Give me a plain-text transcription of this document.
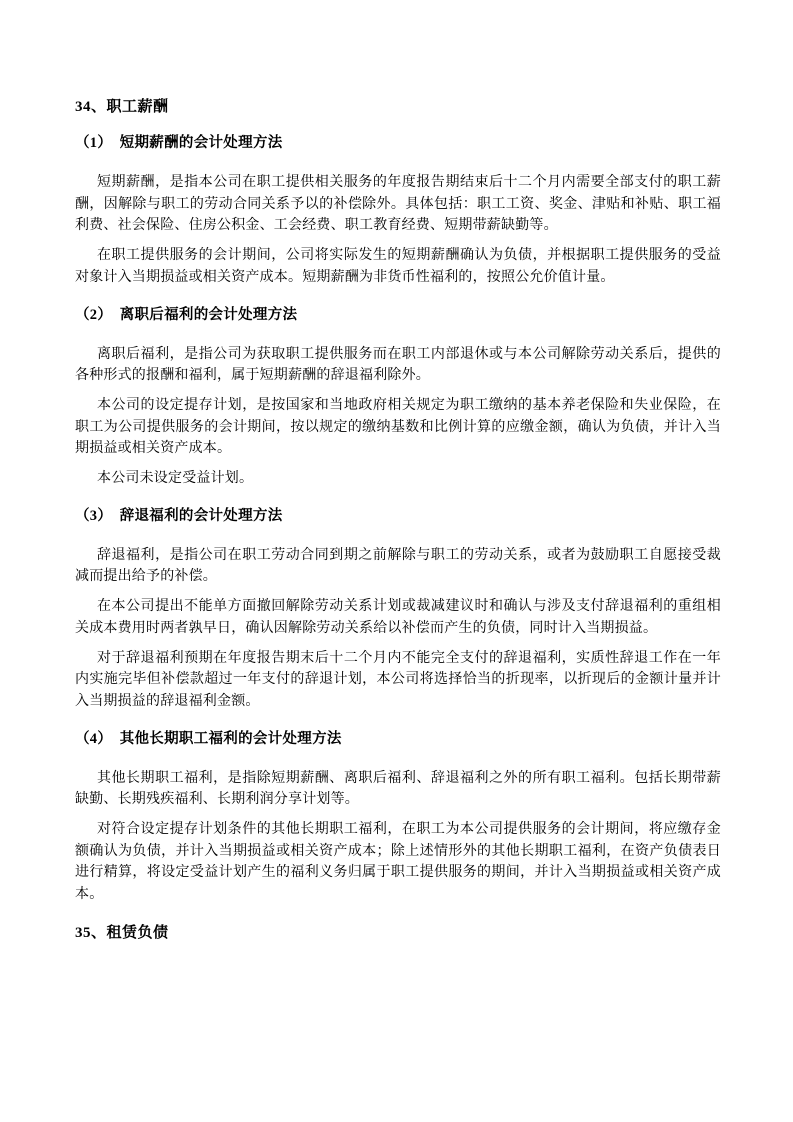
34、职工薪酬
（1）　短期薪酬的会计处理方法

短期薪酬，是指本公司在职工提供相关服务的年度报告期结束后十二个月内需要全部支付的职工薪酬，因解除与职工的劳动合同关系予以的补偿除外。具体包括：职工工资、奖金、津贴和补贴、职工福利费、社会保险、住房公积金、工会经费、职工教育经费、短期带薪缺勤等。

在职工提供服务的会计期间，公司将实际发生的短期薪酬确认为负债，并根据职工提供服务的受益对象计入当期损益或相关资产成本。短期薪酬为非货币性福利的，按照公允价值计量。

（2）　离职后福利的会计处理方法

离职后福利，是指公司为获取职工提供服务而在职工内部退休或与本公司解除劳动关系后，提供的各种形式的报酬和福利，属于短期薪酬的辞退福利除外。

本公司的设定提存计划，是按国家和当地政府相关规定为职工缴纳的基本养老保险和失业保险，在职工为公司提供服务的会计期间，按以规定的缴纳基数和比例计算的应缴金额，确认为负债，并计入当期损益或相关资产成本。

本公司未设定受益计划。

（3）　辞退福利的会计处理方法

辞退福利，是指公司在职工劳动合同到期之前解除与职工的劳动关系，或者为鼓励职工自愿接受裁减而提出给予的补偿。

在本公司提出不能单方面撤回解除劳动关系计划或裁减建议时和确认与涉及支付辞退福利的重组相关成本费用时两者孰早日，确认因解除劳动关系给以补偿而产生的负债，同时计入当期损益。

对于辞退福利预期在年度报告期末后十二个月内不能完全支付的辞退福利，实质性辞退工作在一年内实施完毕但补偿款超过一年支付的辞退计划，本公司将选择恰当的折现率，以折现后的金额计量并计入当期损益的辞退福利金额。

（4）　其他长期职工福利的会计处理方法

其他长期职工福利，是指除短期薪酬、离职后福利、辞退福利之外的所有职工福利。包括长期带薪缺勤、长期残疾福利、长期利润分享计划等。

对符合设定提存计划条件的其他长期职工福利，在职工为本公司提供服务的会计期间，将应缴存金额确认为负债，并计入当期损益或相关资产成本；除上述情形外的其他长期职工福利，在资产负债表日进行精算，将设定受益计划产生的福利义务归属于职工提供服务的期间，并计入当期损益或相关资产成本。

35、租赁负债
